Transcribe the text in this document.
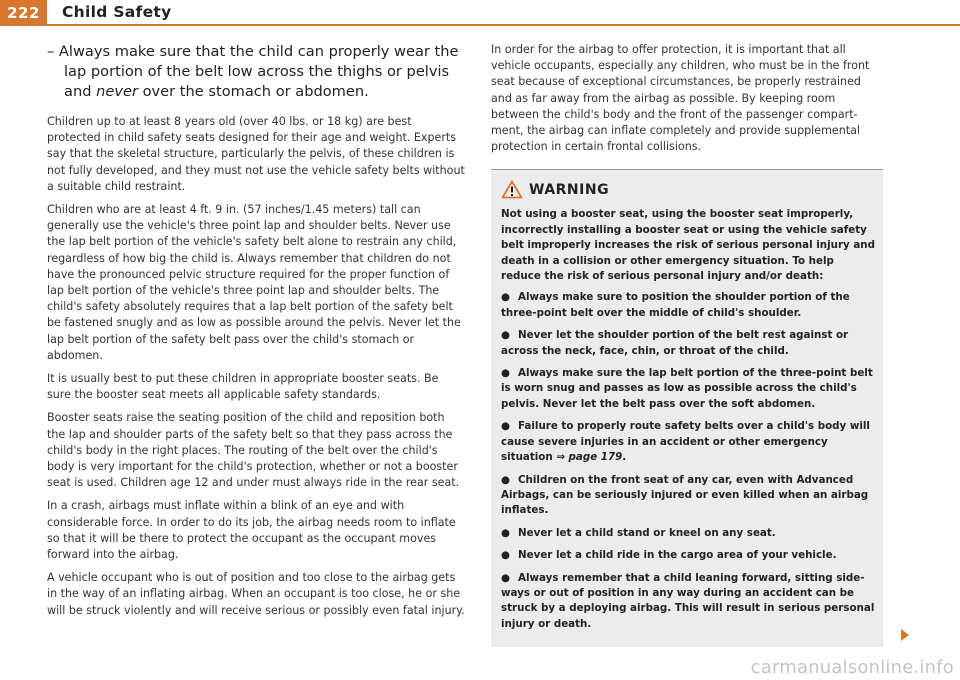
222 Child Safety

– Always make sure that the child can properly wear the lap portion of the belt low across the thighs or pelvis and never over the stomach or abdomen.

Children up to at least 8 years old (over 40 lbs. or 18 kg) are best protected in child safety seats designed for their age and weight. Experts say that the skeletal structure, particularly the pelvis, of these children is not fully developed, and they must not use the vehicle safety belts without a suitable child restraint.

Children who are at least 4 ft. 9 in. (57 inches/1.45 meters) tall can generally use the vehicle's three point lap and shoulder belts. Never use the lap belt portion of the vehicle's safety belt alone to restrain any child, regardless of how big the child is. Always remember that children do not have the pronounced pelvic structure required for the proper function of lap belt portion of the vehicle's three point lap and shoulder belts. The child's safety absolutely requires that a lap belt portion of the safety belt be fastened snugly and as low as possible around the pelvis. Never let the lap belt portion of the safety belt pass over the child's stomach or abdomen.

It is usually best to put these children in appropriate booster seats. Be sure the booster seat meets all applicable safety standards.

Booster seats raise the seating position of the child and reposition both the lap and shoulder parts of the safety belt so that they pass across the child's body in the right places. The routing of the belt over the child's body is very important for the child's protection, whether or not a booster seat is used. Children age 12 and under must always ride in the rear seat.

In a crash, airbags must inflate within a blink of an eye and with considerable force. In order to do its job, the airbag needs room to inflate so that it will be there to protect the occupant as the occupant moves forward into the airbag.

A vehicle occupant who is out of position and too close to the airbag gets in the way of an inflating airbag. When an occupant is too close, he or she will be struck violently and will receive serious or possibly even fatal injury.

In order for the airbag to offer protection, it is important that all vehicle occupants, especially any children, who must be in the front seat because of exceptional circumstances, be properly restrained and as far away from the airbag as possible. By keeping room between the child's body and the front of the passenger compartment, the airbag can inflate completely and provide supplemental protection in certain frontal collisions.

WARNING

Not using a booster seat, using the booster seat improperly, incorrectly installing a booster seat or using the vehicle safety belt improperly increases the risk of serious personal injury and death in a collision or other emergency situation. To help reduce the risk of serious personal injury and/or death:

● Always make sure to position the shoulder portion of the three-point belt over the middle of child's shoulder.

● Never let the shoulder portion of the belt rest against or across the neck, face, chin, or throat of the child.

● Always make sure the lap belt portion of the three-point belt is worn snug and passes as low as possible across the child's pelvis. Never let the belt pass over the soft abdomen.

● Failure to properly route safety belts over a child's body will cause severe injuries in an accident or other emergency situation ⇒ page 179.

● Children on the front seat of any car, even with Advanced Airbags, can be seriously injured or even killed when an airbag inflates.

● Never let a child stand or kneel on any seat.

● Never let a child ride in the cargo area of your vehicle.

● Always remember that a child leaning forward, sitting sideways or out of position in any way during an accident can be struck by a deploying airbag. This will result in serious personal injury or death.

carmanualsonline.info
